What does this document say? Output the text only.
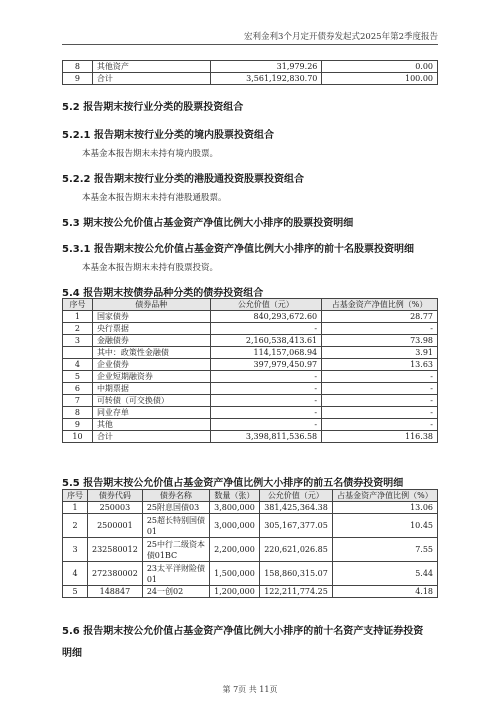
宏利金利3个月定开债券发起式2025年第2季度报告
8	其他资产	31,979.26	0.00
9	合计	3,561,192,830.70	100.00
5.2 报告期末按行业分类的股票投资组合
5.2.1 报告期末按行业分类的境内股票投资组合
本基金本报告期末未持有境内股票。
5.2.2 报告期末按行业分类的港股通投资股票投资组合
本基金本报告期末未持有港股通股票。
5.3 期末按公允价值占基金资产净值比例大小排序的股票投资明细
5.3.1 报告期末按公允价值占基金资产净值比例大小排序的前十名股票投资明细
本基金本报告期末未持有股票投资。
5.4 报告期末按债券品种分类的债券投资组合
序号	债券品种	公允价值（元）	占基金资产净值比例（%）
1	国家债券	840,293,672.60	28.77
2	央行票据	-	-
3	金融债券	2,160,538,413.61	73.98
	其中：政策性金融债	114,157,068.94	3.91
4	企业债券	397,979,450.97	13.63
5	企业短期融资券	-	-
6	中期票据	-	-
7	可转债（可交换债）	-	-
8	同业存单	-	-
9	其他	-	-
10	合计	3,398,811,536.58	116.38
5.5 报告期末按公允价值占基金资产净值比例大小排序的前五名债券投资明细
序号	债券代码	债券名称	数量（张）	公允价值（元）	占基金资产净值比例（%）
1	250003	25附息国债03	3,800,000	381,425,364.38	13.06
2	2500001	25超长特别国债
01	3,000,000	305,167,377.05	10.45
3	232580012	25中行二级资本
债01BC	2,200,000	220,621,026.85	7.55
4	272380002	23太平洋财险债
01	1,500,000	158,860,315.07	5.44
5	148847	24一创02	1,200,000	122,211,774.25	4.18
5.6 报告期末按公允价值占基金资产净值比例大小排序的前十名资产支持证券投资
明细
第 7页 共 11页
